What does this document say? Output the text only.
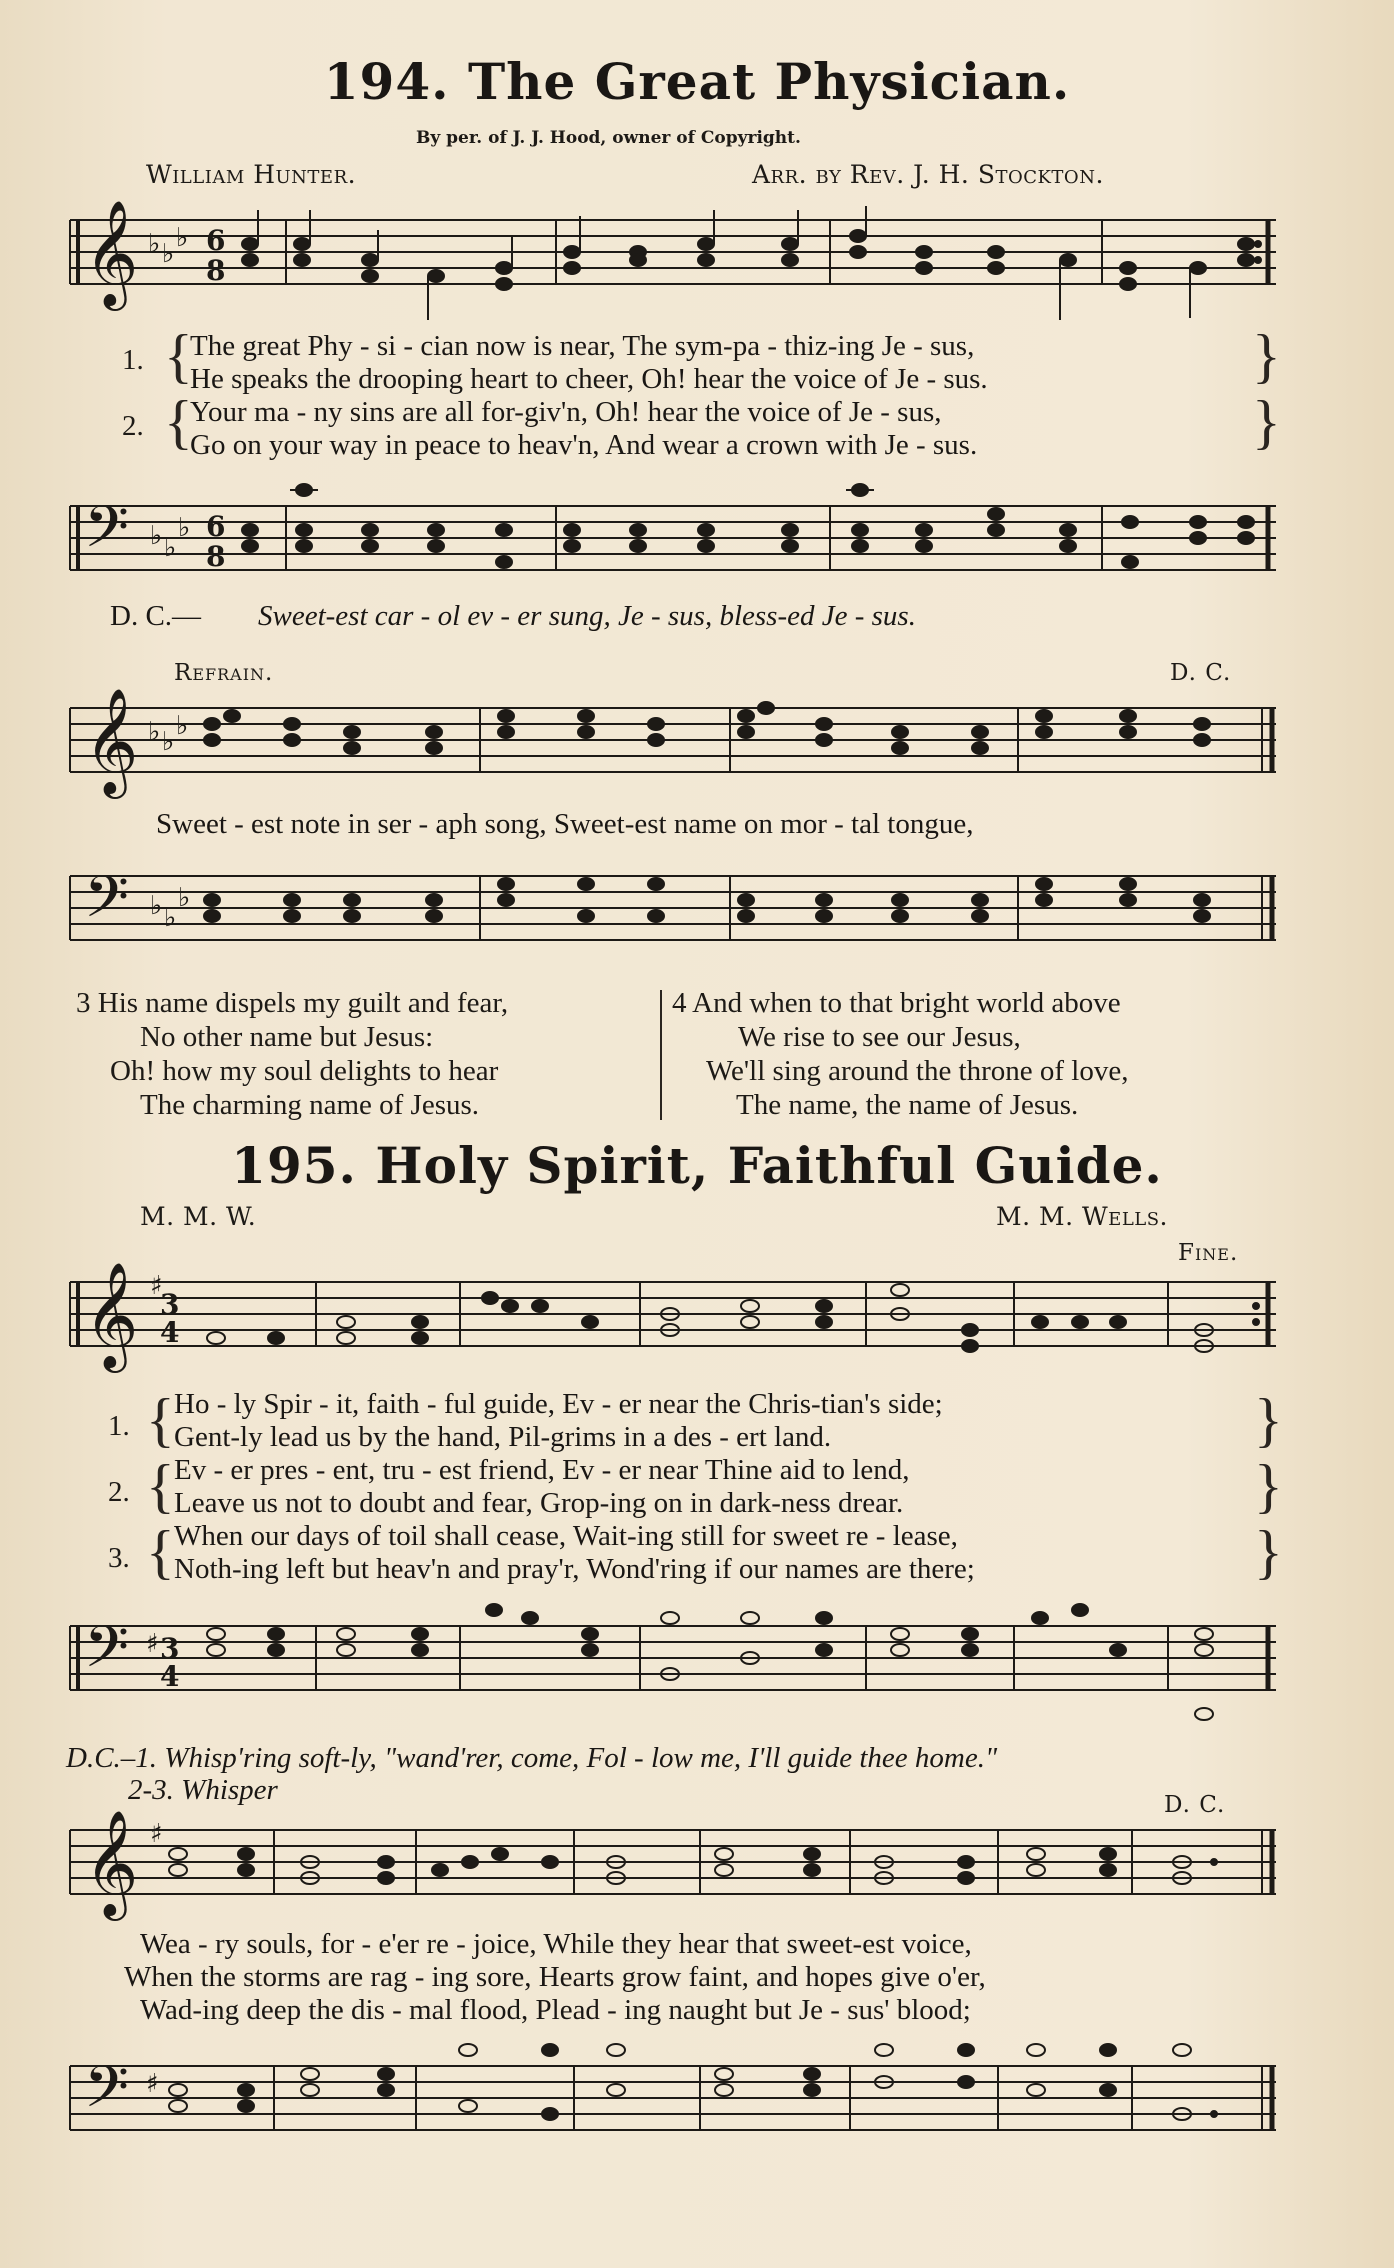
194. The Great Physician.
By per. of J. J. Hood, owner of Copyright.
William Hunter.	Arr. by Rev. J. H. Stockton.
𝄞 ♭ ♭
♭ 6
8
1.
2.
{
{
}
}
The great Phy - si - cian now is near, The sym-pa - thiz-ing Je - sus,
He speaks the drooping heart to cheer, Oh! hear the voice of Je - sus.
Your ma - ny sins are all for-giv'n, Oh! hear the voice of Je - sus,
Go on your way in peace to heav'n, And wear a crown with Je - sus.
𝄢 ♭ ♭
♭ 6
8
D. C.— Sweet-est car - ol ev - er sung, Je - sus, bless-ed Je - sus.
Refrain.	D. C.
𝄞 ♭ ♭
♭
Sweet - est note in ser - aph song, Sweet-est name on mor - tal tongue,
𝄢 ♭ ♭
♭
3 His name dispels my guilt and fear,
No other name but Jesus:
Oh! how my soul delights to hear
The charming name of Jesus.
4 And when to that bright world above
We rise to see our Jesus,
We'll sing around the throne of love,
The name, the name of Jesus.
195. Holy Spirit, Faithful Guide.
M. M. W.	M. M. Wells.
Fine.
𝄞 ♯
3
4
1.
2.
3.
{
{
{
}
}
}
Ho - ly Spir - it, faith - ful guide, Ev - er near the Chris-tian's side;
Gent-ly lead us by the hand, Pil-grims in a des - ert land.
Ev - er pres - ent, tru - est friend, Ev - er near Thine aid to lend,
Leave us not to doubt and fear, Grop-ing on in dark-ness drear.
When our days of toil shall cease, Wait-ing still for sweet re - lease,
Noth-ing left but heav'n and pray'r, Wond'ring if our names are there;
𝄢 ♯ 3
4
D.C.–1. Whisp'ring soft-ly, "wand'rer, come, Fol - low me, I'll guide thee home."
2-3. Whisper	D. C.
𝄞 ♯
Wea - ry souls, for - e'er re - joice, While they hear that sweet-est voice,
When the storms are rag - ing sore, Hearts grow faint, and hopes give o'er,
Wad-ing deep the dis - mal flood, Plead - ing naught but Je - sus' blood;
𝄢 ♯
